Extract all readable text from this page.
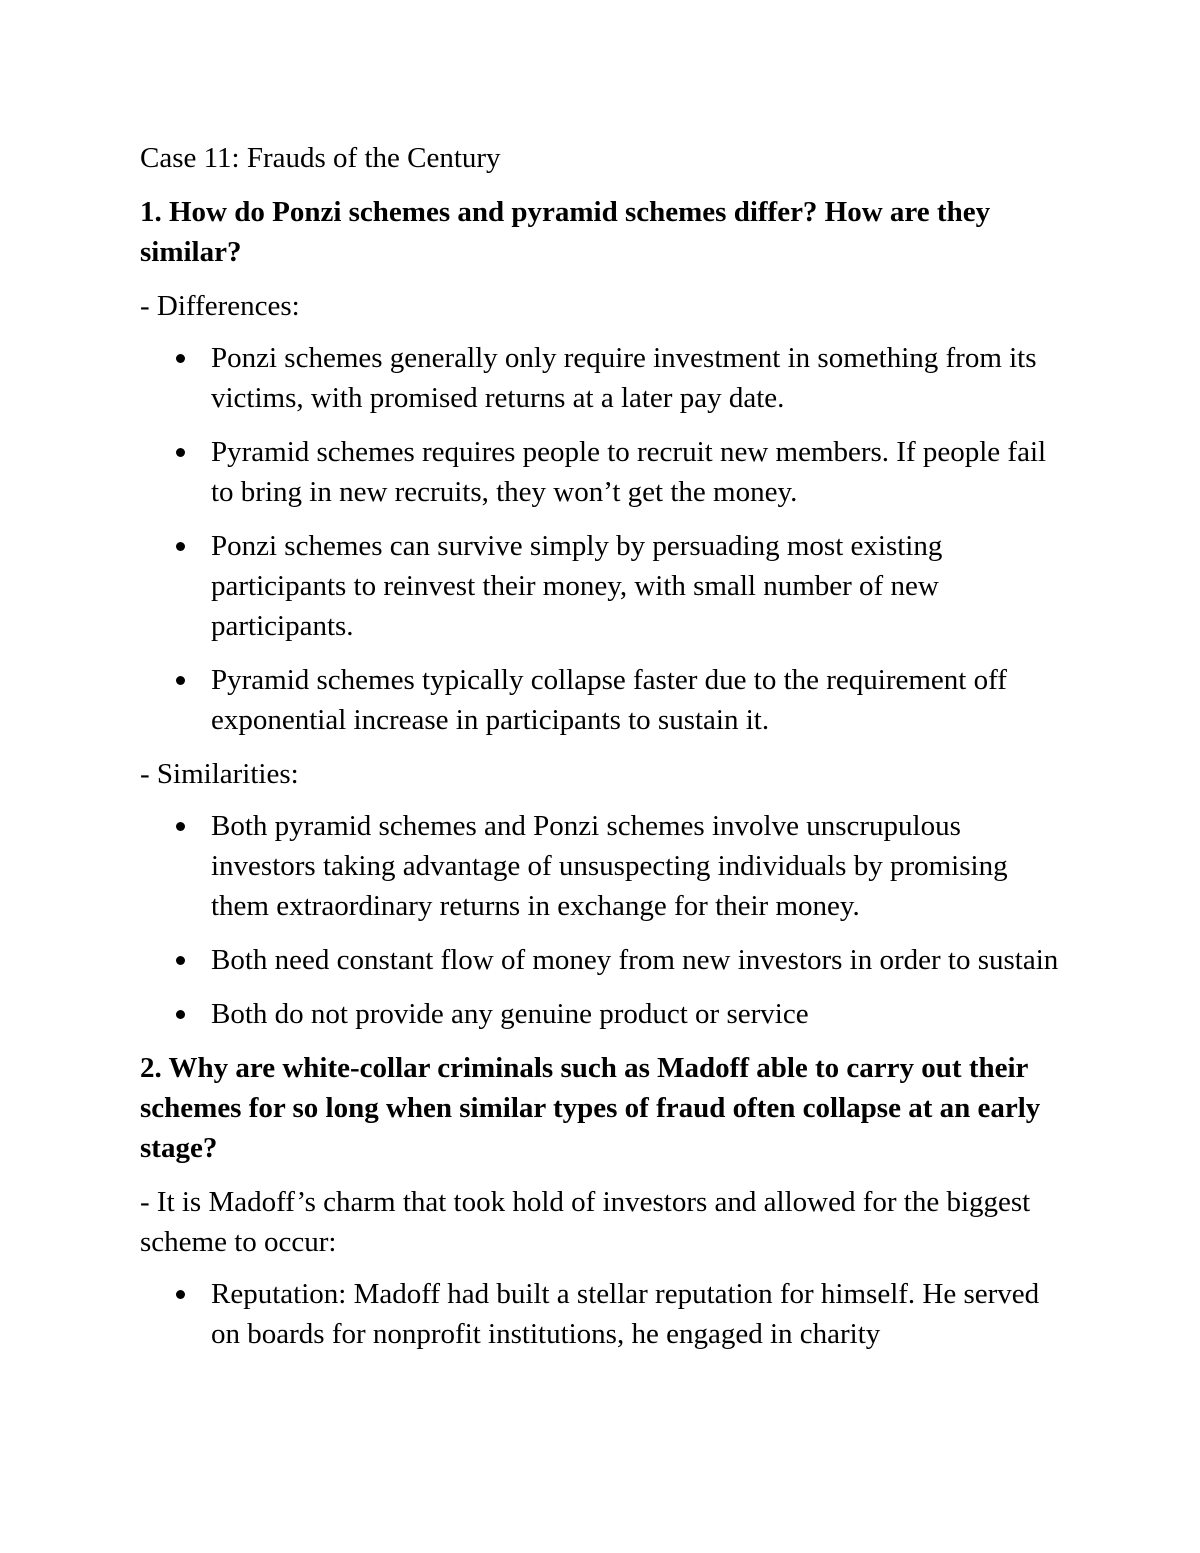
Case 11: Frauds of the Century

1. How do Ponzi schemes and pyramid schemes differ? How are they similar?

- Differences:

Ponzi schemes generally only require investment in something from its victims, with promised returns at a later pay date.
Pyramid schemes requires people to recruit new members. If people fail to bring in new recruits, they won’t get the money.
Ponzi schemes can survive simply by persuading most existing participants to reinvest their money, with small number of new participants.
Pyramid schemes typically collapse faster due to the requirement off exponential increase in participants to sustain it.

- Similarities:

Both pyramid schemes and Ponzi schemes involve unscrupulous investors taking advantage of unsuspecting individuals by promising them extraordinary returns in exchange for their money.
Both need constant flow of money from new investors in order to sustain
Both do not provide any genuine product or service

2. Why are white-collar criminals such as Madoff able to carry out their schemes for so long when similar types of fraud often collapse at an early stage?

- It is Madoff’s charm that took hold of investors and allowed for the biggest scheme to occur:

Reputation: Madoff had built a stellar reputation for himself. He served on boards for nonprofit institutions, he engaged in charity
